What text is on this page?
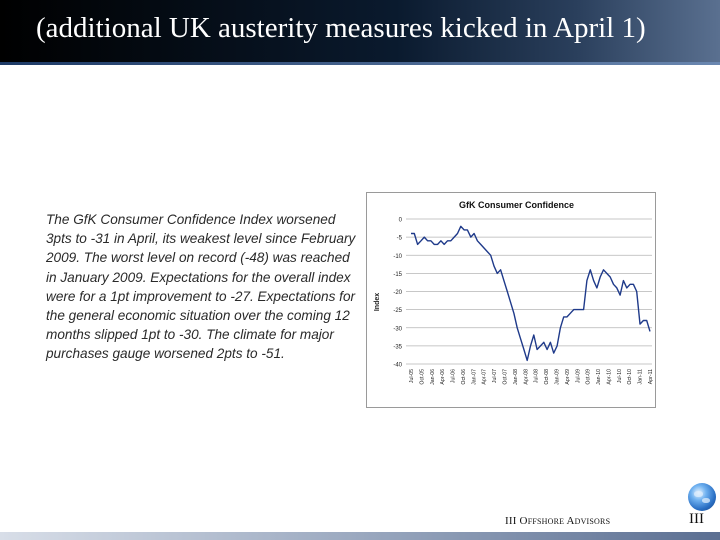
(additional UK austerity measures kicked in April 1)
The GfK Consumer Confidence Index worsened 3pts to -31 in April, its weakest level since February 2009. The worst level on record (-48) was reached in January 2009. Expectations for the overall index were for a 1pt improvement to -27. Expectations for the general economic situation over the coming 12 months slipped 1pt to -30. The climate for major purchases gauge worsened 2pts to -51.
GfK Consumer Confidence
Index
0
-5
-10
-15
-20
-25
-30
-35
-40
Jul-05 Oct-05 Jan-06 Apr-06 Jul-06 Oct-06 Jan-07 Apr-07 Jul-07 Oct-07 Jan-08 Apr-08 Jul-08 Oct-08 Jan-09 Apr-09 Jul-09 Oct-09 Jan-10 Apr-10 Jul-10 Oct-10 Jan-11 Apr-11
III OFFSHORE ADVISORS	III
